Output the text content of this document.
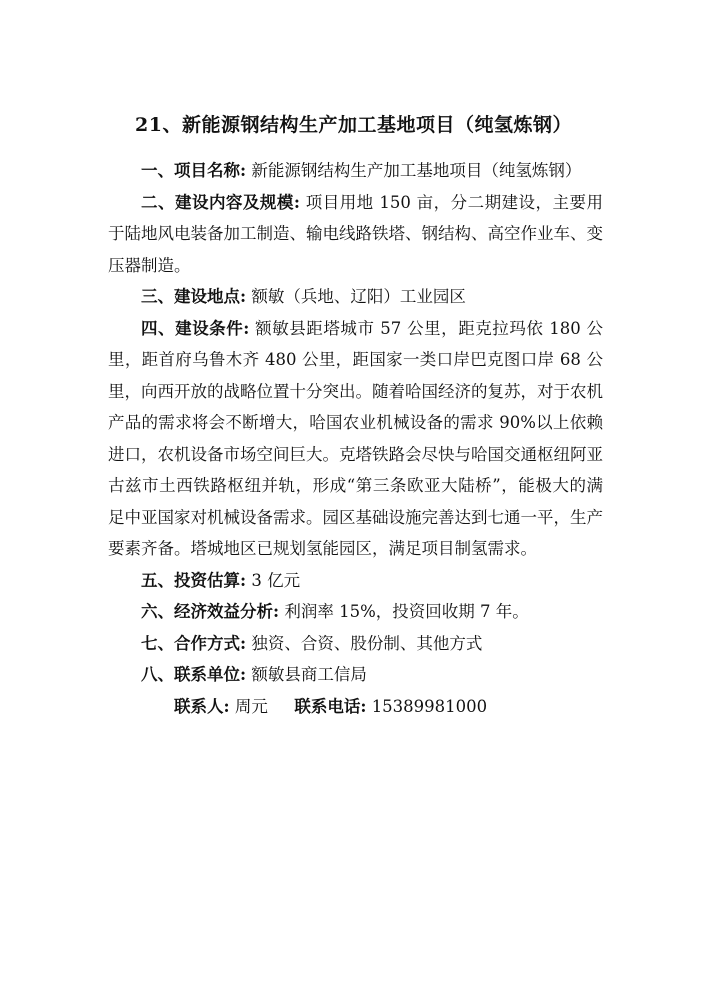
21、新能源钢结构生产加工基地项目（纯氢炼钢）

一、项目名称: 新能源钢结构生产加工基地项目（纯氢炼钢）

二、建设内容及规模: 项目用地 150 亩，分二期建设，主要用于陆地风电装备加工制造、输电线路铁塔、钢结构、高空作业车、变压器制造。

三、建设地点: 额敏（兵地、辽阳）工业园区

四、建设条件: 额敏县距塔城市 57 公里，距克拉玛依 180 公里，距首府乌鲁木齐 480 公里，距国家一类口岸巴克图口岸 68 公里，向西开放的战略位置十分突出。随着哈国经济的复苏，对于农机产品的需求将会不断增大，哈国农业机械设备的需求 90%以上依赖进口，农机设备市场空间巨大。克塔铁路会尽快与哈国交通枢纽阿亚古兹市土西铁路枢纽并轨，形成“第三条欧亚大陆桥”，能极大的满足中亚国家对机械设备需求。园区基础设施完善达到七通一平，生产要素齐备。塔城地区已规划氢能园区，满足项目制氢需求。

五、投资估算: 3 亿元

六、经济效益分析: 利润率 15%，投资回收期 7 年。

七、合作方式: 独资、合资、股份制、其他方式

八、联系单位: 额敏县商工信局

联系人: 周元 联系电话: 15389981000
